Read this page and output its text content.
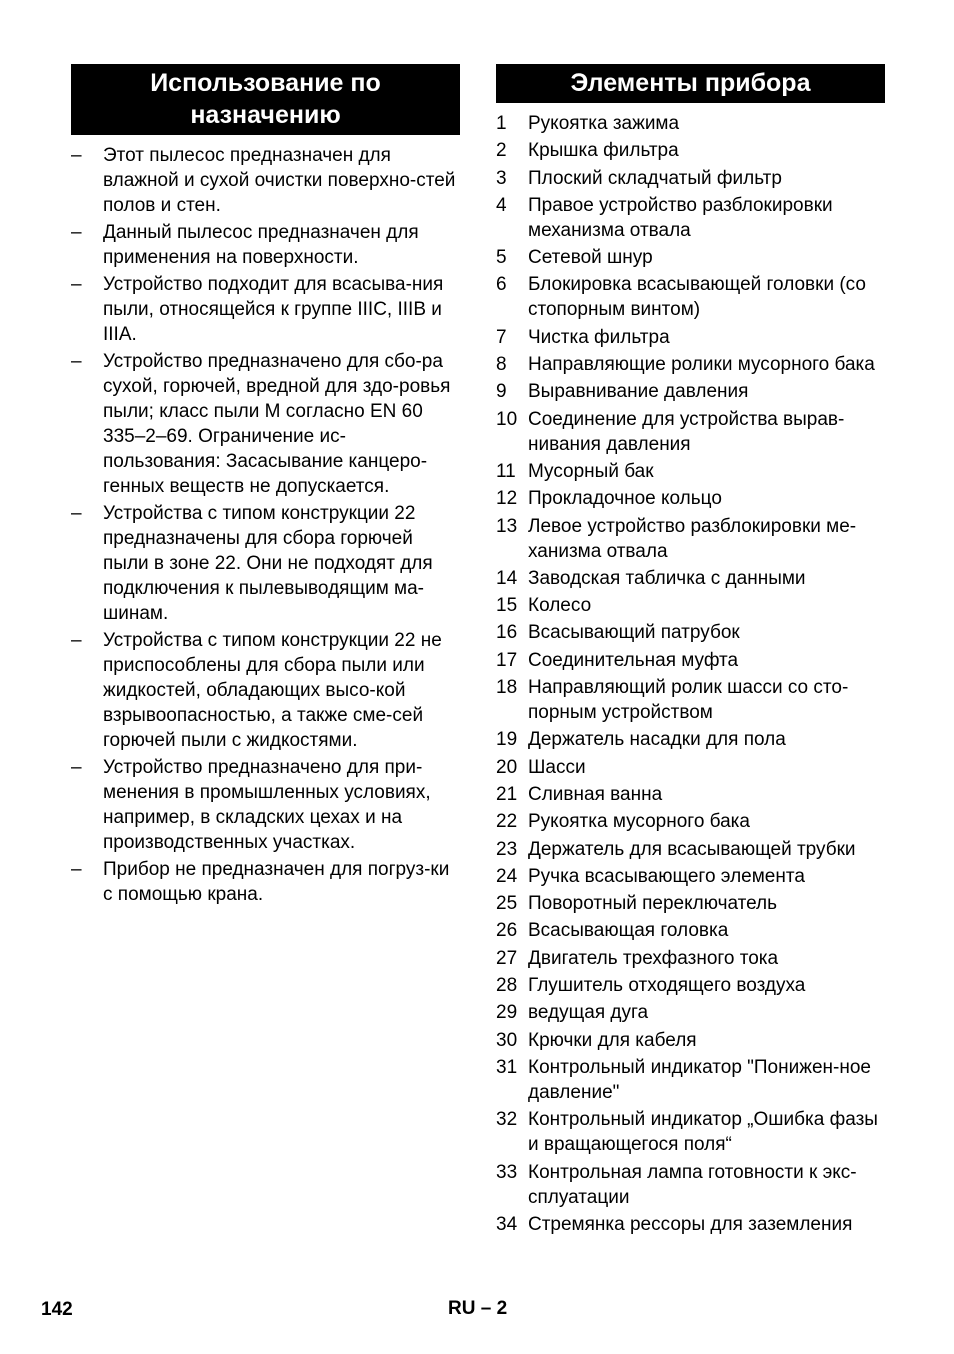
Использование по назначению
–	Этот пылесос предназначен для влажной и сухой очистки поверхно-стей полов и стен.
–	Данный пылесос предназначен для применения на поверхности.
–	Устройство подходит для всасыва-ния пыли, относящейся к группе IIIC, IIIB и IIIA.
–	Устройство предназначено для сбо-ра сухой, горючей, вредной для здо-ровья пыли; класс пыли M согласно EN 60 335–2–69. Ограничение ис-пользования: Засасывание канцеро-генных веществ не допускается.
–	Устройства с типом конструкции 22 предназначены для сбора горючей пыли в зоне 22. Они не подходят для подключения к пылевыводящим ма-шинам.
–	Устройства с типом конструкции 22 не приспособлены для сбора пыли или жидкостей, обладающих высо-кой взрывоопасностью, а также сме-сей горючей пыли с жидкостями.
–	Устройство предназначено для при-менения в промышленных условиях, например, в складских цехах и на производственных участках.
–	Прибор не предназначен для погруз-ки с помощью крана.
Элементы прибора
1	Рукоятка зажима
2	Крышка фильтра
3	Плоский складчатый фильтр
4	Правое устройство разблокировки механизма отвала
5	Сетевой шнур
6	Блокировка всасывающей головки (со стопорным винтом)
7	Чистка фильтра
8	Направляющие ролики мусорного бака
9	Выравнивание давления
10 Соединение для устройства вырав-нивания давления
11 Мусорный бак
12 Прокладочное кольцо
13 Левое устройство разблокировки ме-ханизма отвала
14 Заводская табличка с данными
15 Колесо
16 Всасывающий патрубок
17 Соединительная муфта
18 Направляющий ролик шасси со сто-порным устройством
19 Держатель насадки для пола
20 Шасси
21 Сливная ванна
22 Рукоятка мусорного бака
23 Держатель для всасывающей трубки
24 Ручка всасывающего элемента
25 Поворотный переключатель
26 Всасывающая головка
27 Двигатель трехфазного тока
28 Глушитель отходящего воздуха
29 ведущая дуга
30 Крючки для кабеля
31 Контрольный индикатор "Понижен-ное давление"
32 Контрольный индикатор „Ошибка фазы и вращающегося поля“
33 Контрольная лампа готовности к экс-сплуатации
34 Стремянка рессоры для заземления
142	RU – 2
